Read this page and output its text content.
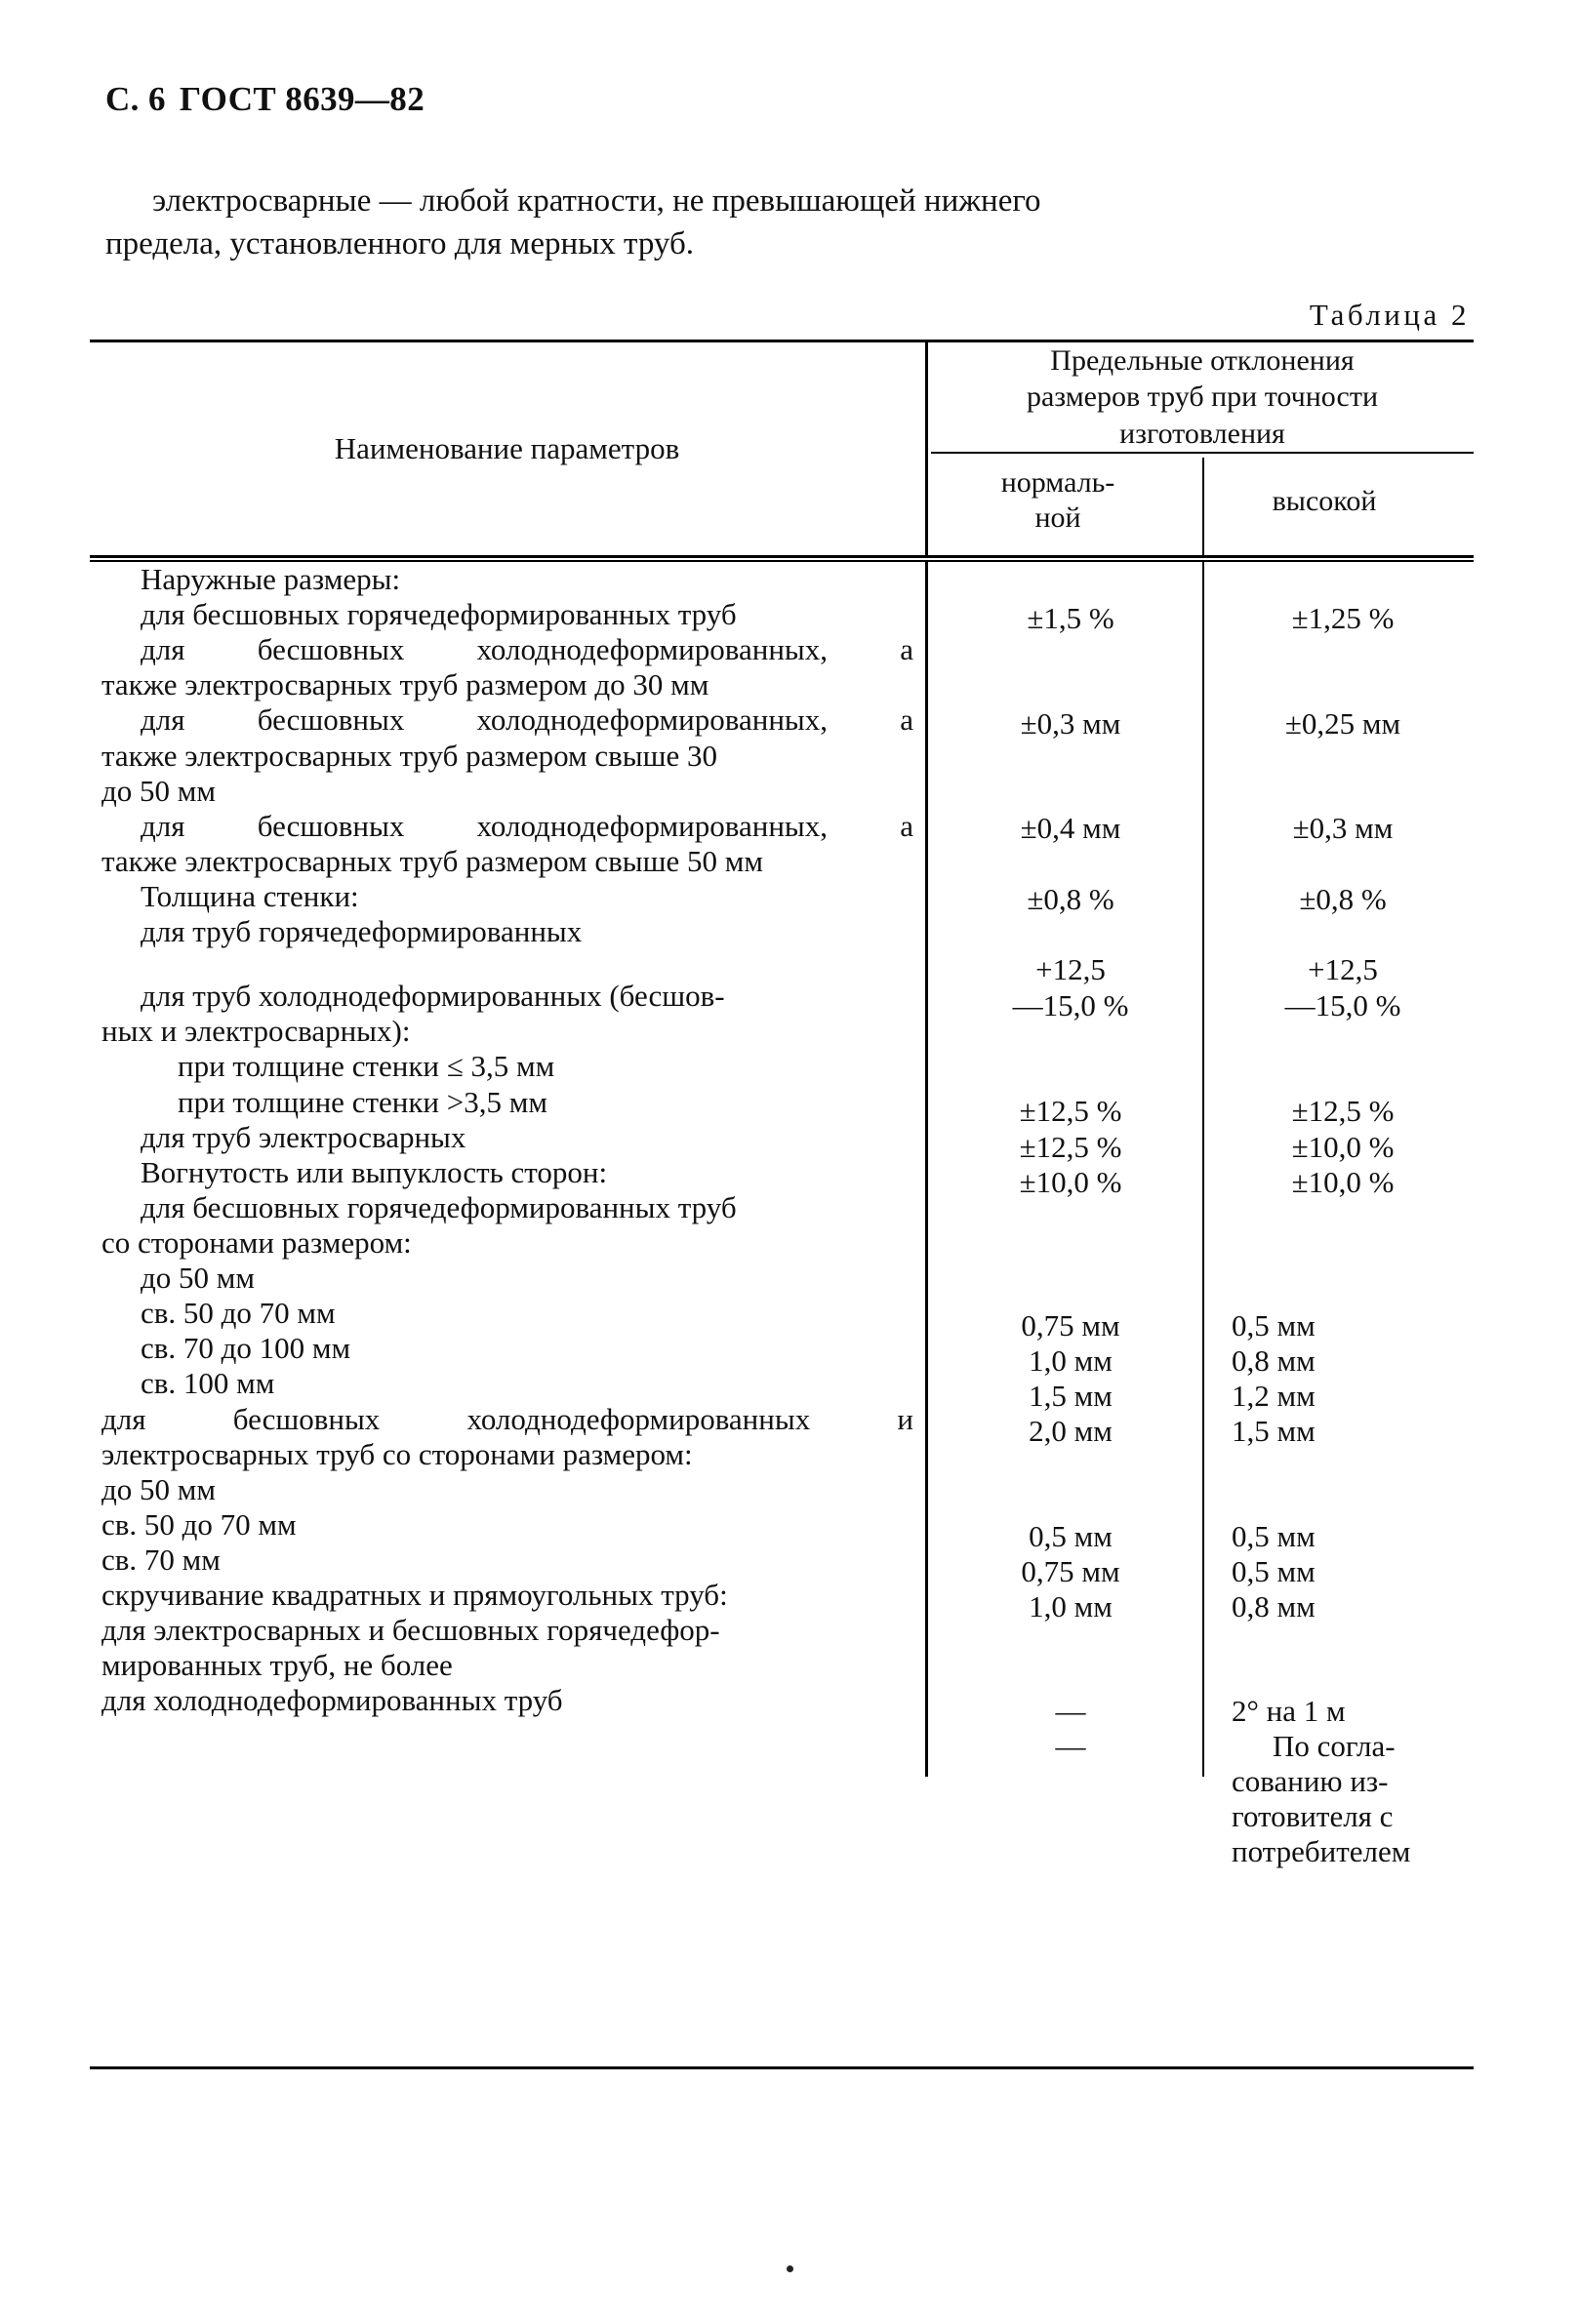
С. 6 ГОСТ 8639—82
электросварные — любой кратности, не превышающей нижнего
предела, установленного для мерных труб.
Таблица 2
Наименование параметров
Предельные отклонения
размеров труб при точности
изготовления
нормаль-
ной
высокой
Наружные размеры:
для бесшовных горячедеформированных труб
для бесшовных холоднодеформированных, а
также электросварных труб размером до 30 мм
для бесшовных холоднодеформированных, а
также электросварных труб размером свыше 30
до 50 мм
для бесшовных холоднодеформированных, а
также электросварных труб размером свыше 50 мм
Толщина стенки:
для труб горячедеформированных
для труб холоднодеформированных (бесшов-
ных и электросварных):
при толщине стенки ≤ 3,5 мм
при толщине стенки >3,5 мм
для труб электросварных
Вогнутость или выпуклость сторон:
для бесшовных горячедеформированных труб
со сторонами размером:
до 50 мм
св. 50 до 70 мм
св. 70 до 100 мм
св. 100 мм
для бесшовных холоднодеформированных и
электросварных труб со сторонами размером:
до 50 мм
св. 50 до 70 мм
св. 70 мм
скручивание квадратных и прямоугольных труб:
для электросварных и бесшовных горячедефор-
мированных труб, не более
для холоднодеформированных труб
±1,5 %
±0,3 мм
±0,4 мм
±0,8 %
+12,5
—15,0 %
±12,5 %
±12,5 %
±10,0 %
0,75 мм
1,0 мм
1,5 мм
2,0 мм
0,5 мм
0,75 мм
1,0 мм
—
—
±1,25 %
±0,25 мм
±0,3 мм
±0,8 %
+12,5
—15,0 %
±12,5 %
±10,0 %
±10,0 %
0,5 мм
0,8 мм
1,2 мм
1,5 мм
0,5 мм
0,5 мм
0,8 мм
2° на 1 м
По согла-
сованию из-
готовителя с
потребителем
